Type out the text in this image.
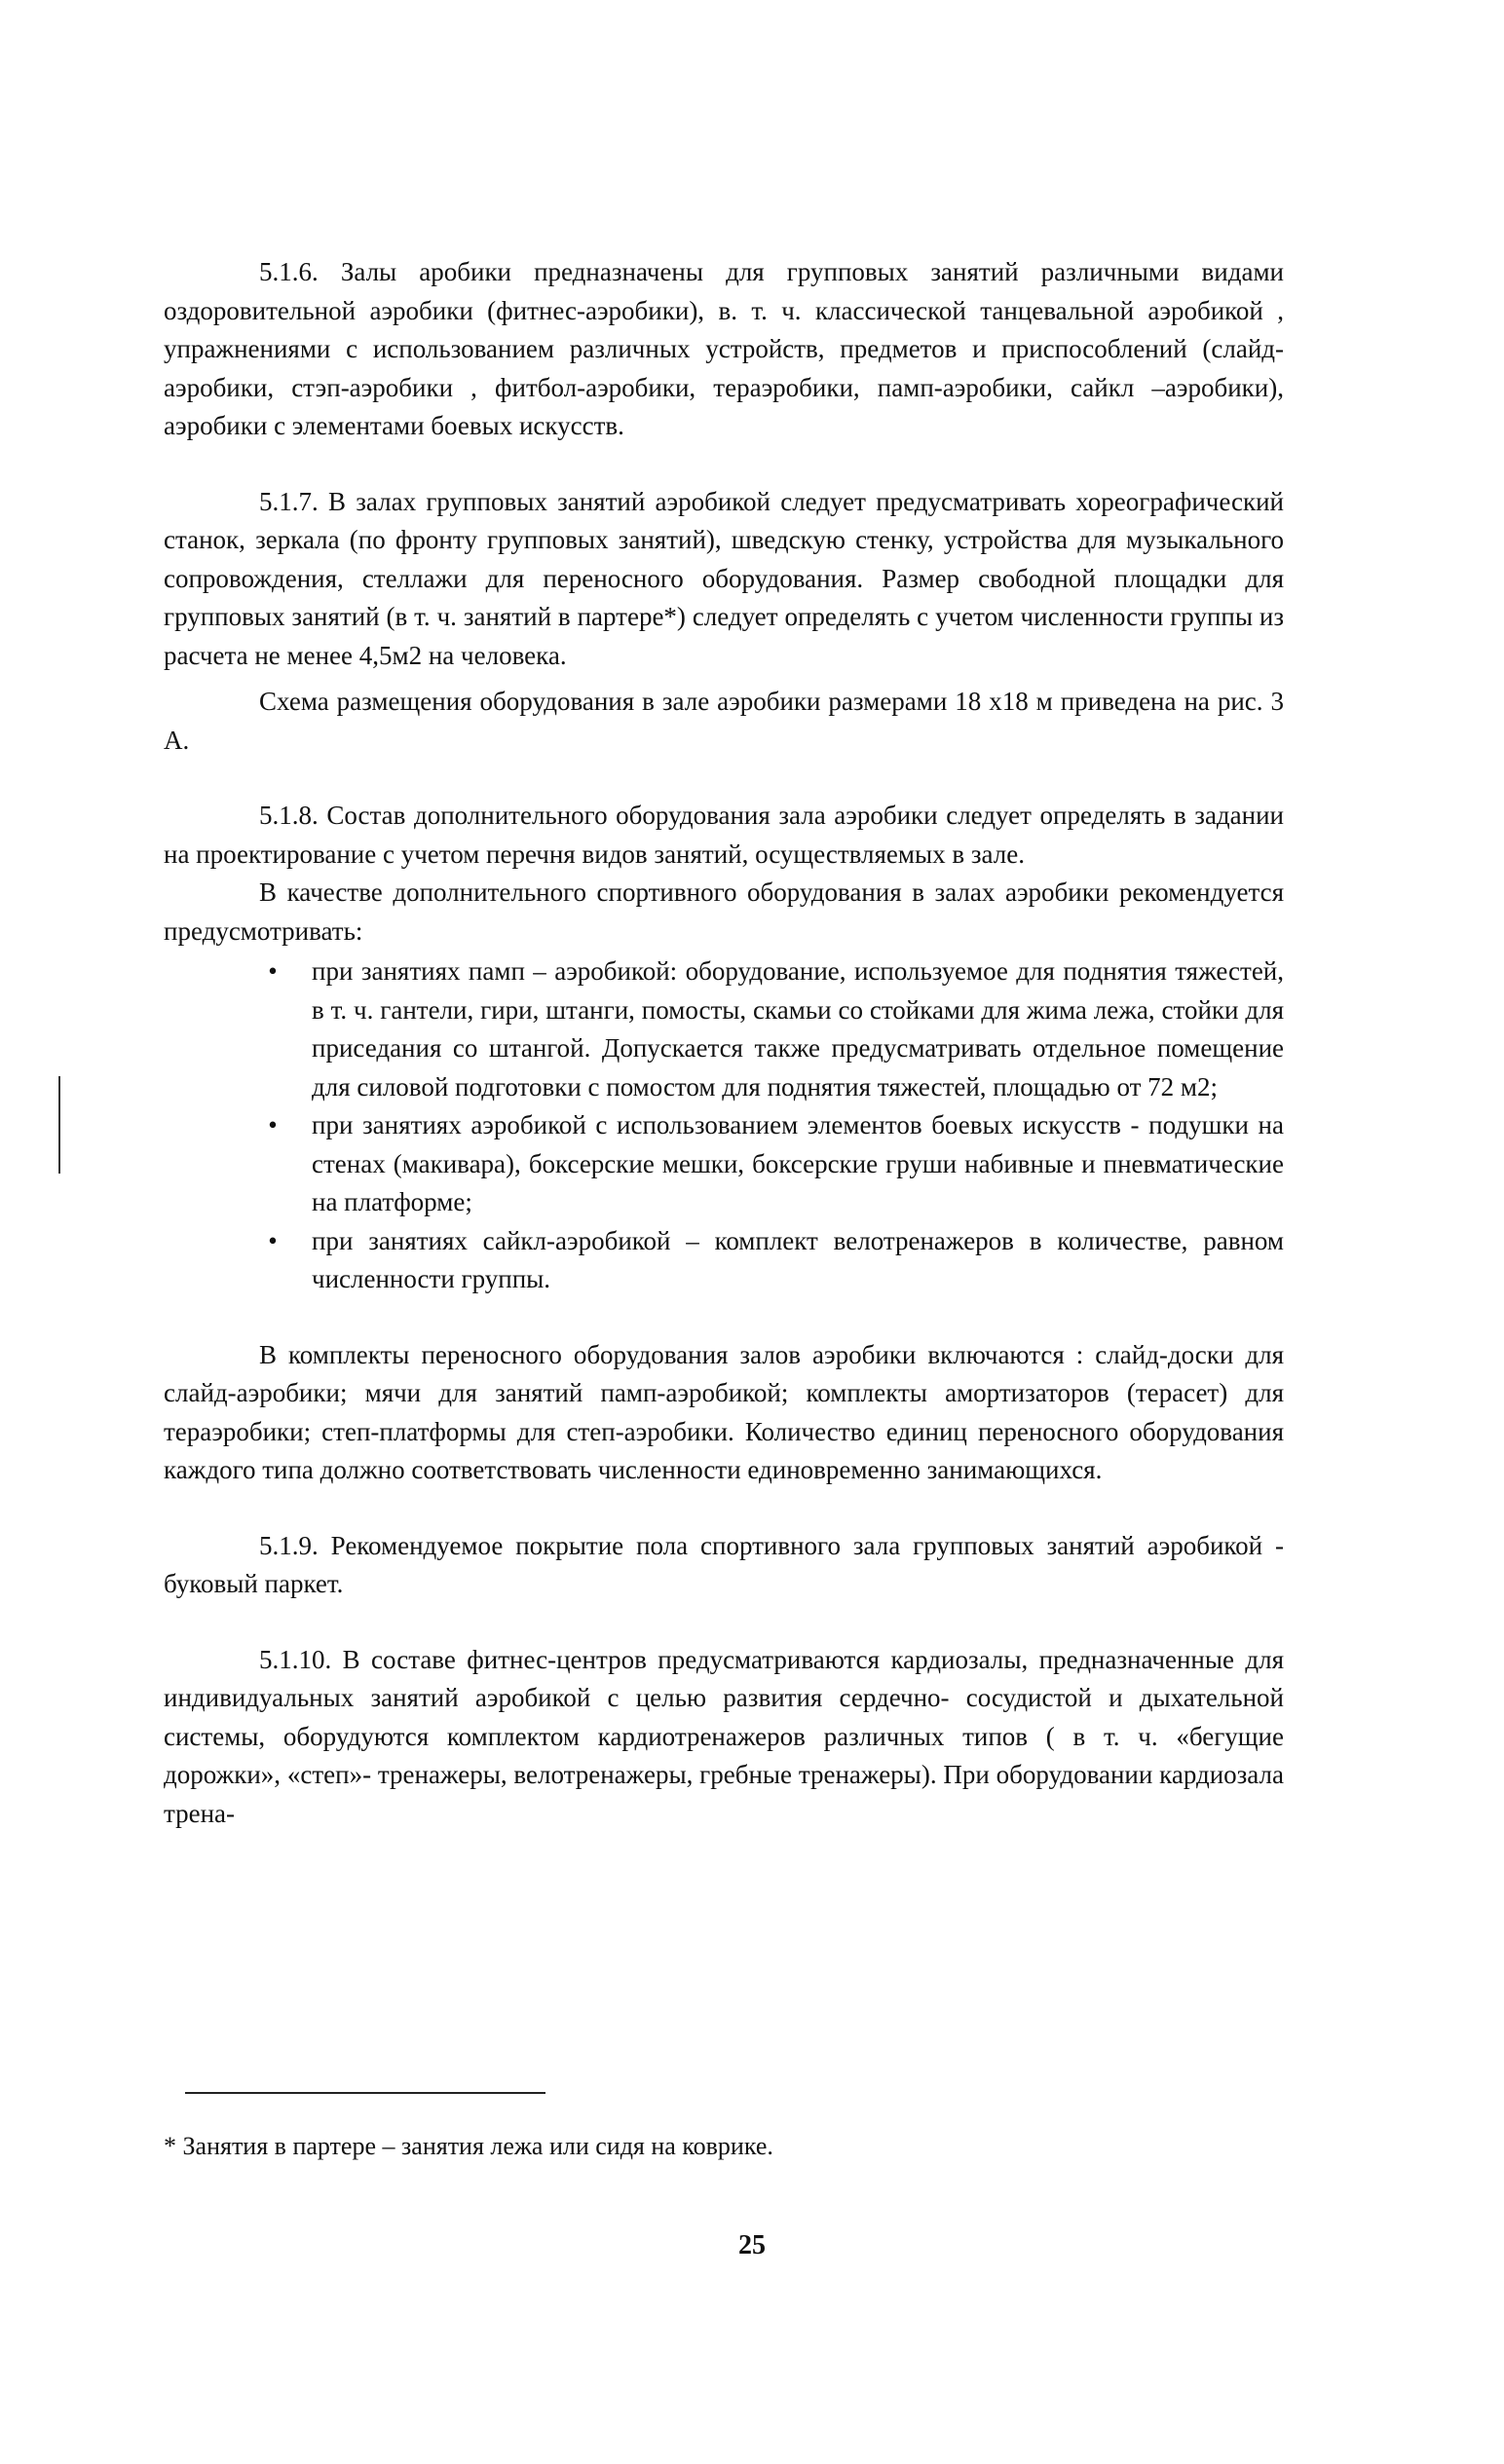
5.1.6. Залы аробики предназначены для групповых занятий различными видами оздоровительной аэробики (фитнес-аэробики), в. т. ч. классической танцевальной аэробикой , упражнениями с использованием различных устройств, предметов и приспособлений (слайд-аэробики, стэп-аэробики , фитбол-аэробики, тераэробики, памп-аэробики, сайкл –аэробики), аэробики с элементами боевых искусств.

5.1.7. В залах групповых занятий аэробикой следует предусматривать хореографический станок, зеркала (по фронту групповых занятий), шведскую стенку, устройства для музыкального сопровождения, стеллажи для переносного оборудования. Размер свободной площадки для групповых занятий (в т. ч. занятий в партере*) следует определять с учетом численности группы из расчета не менее 4,5м2 на человека.

Схема размещения оборудования в зале аэробики размерами 18 х18 м приведена на рис. 3 А.

5.1.8. Состав дополнительного оборудования зала аэробики следует определять в задании на проектирование с учетом перечня видов занятий, осуществляемых в зале.

В качестве дополнительного спортивного оборудования в залах аэробики рекомендуется предусмотривать:

• при занятиях памп – аэробикой: оборудование, используемое для поднятия тяжестей, в т. ч. гантели, гири, штанги, помосты, скамьи со стойками для жима лежа, стойки для приседания со штангой. Допускается также предусматривать отдельное помещение для силовой подготовки с помостом для поднятия тяжестей, площадью от 72 м2;
• при занятиях аэробикой с использованием элементов боевых искусств - подушки на стенах (макивара), боксерские мешки, боксерские груши набивные и пневматические на платформе;
• при занятиях сайкл-аэробикой – комплект велотренажеров в количестве, равном численности группы.

В комплекты переносного оборудования залов аэробики включаются : слайд-доски для слайд-аэробики; мячи для занятий памп-аэробикой; комплекты амортизаторов (терасет) для тераэробики; степ-платформы для степ-аэробики. Количество единиц переносного оборудования каждого типа должно соответствовать численности единовременно занимающихся.

5.1.9. Рекомендуемое покрытие пола спортивного зала групповых занятий аэробикой - буковый паркет.

5.1.10. В составе фитнес-центров предусматриваются кардиозалы, предназначенные для индивидуальных занятий аэробикой с целью развития сердечно- сосудистой и дыхательной системы, оборудуются комплектом кардиотренажеров различных типов ( в т. ч. «бегущие дорожки», «степ»- тренажеры, велотренажеры, гребные тренажеры). При оборудовании кардиозала трена-

* Занятия в партере – занятия лежа или сидя на коврике.

25
